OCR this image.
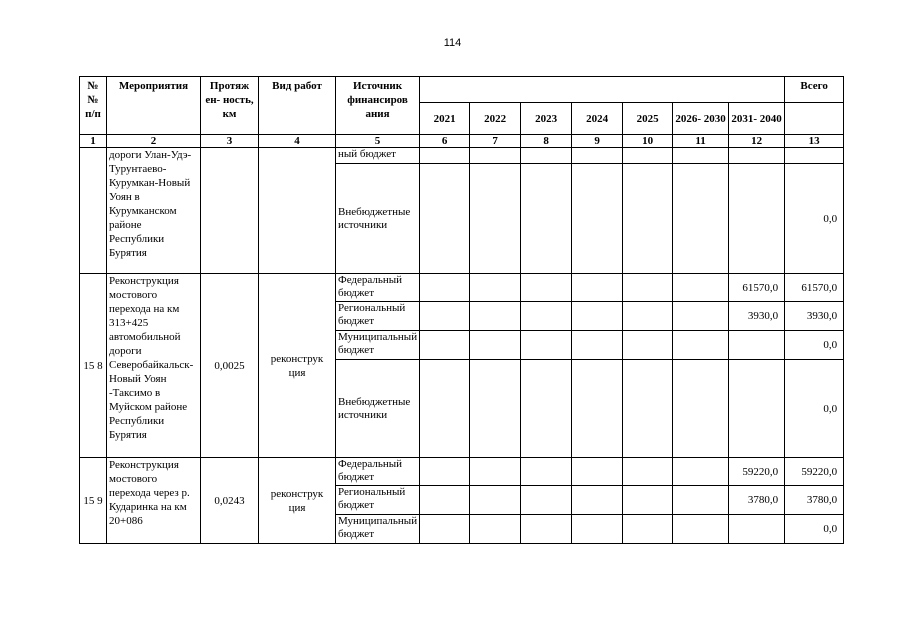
114
№ № п/п	Мероприятия	Протяж ен- ность, км	Вид работ	Источник финансиров ания								Всего
					2021	2022	2023	2024	2025	2026- 2030	2031- 2040	
1	2	3	4	5	6	7	8	9	10	11	12	13
	дороги Улан-Удэ-Турунтаево-Курумкан-Новый Уоян в Курумканском районе Республики Бурятия			ный бюджет								
				Внебюджетные источники								0,0
15 8	Реконструкция мостового перехода на км 313+425 автомобильной дороги Северобайкальск-Новый Уоян -Таксимо в Муйском районе Республики Бурятия	0,0025	реконструк ция	Федеральный бюджет							61570,0	61570,0
				Региональный бюджет							3930,0	3930,0
				Муниципальный бюджет								0,0
				Внебюджетные источники								0,0
15 9	Реконструкция мостового перехода через р. Кударинка на км 20+086	0,0243	реконструк ция	Федеральный бюджет							59220,0	59220,0
				Региональный бюджет							3780,0	3780,0
				Муниципальный бюджет								0,0
